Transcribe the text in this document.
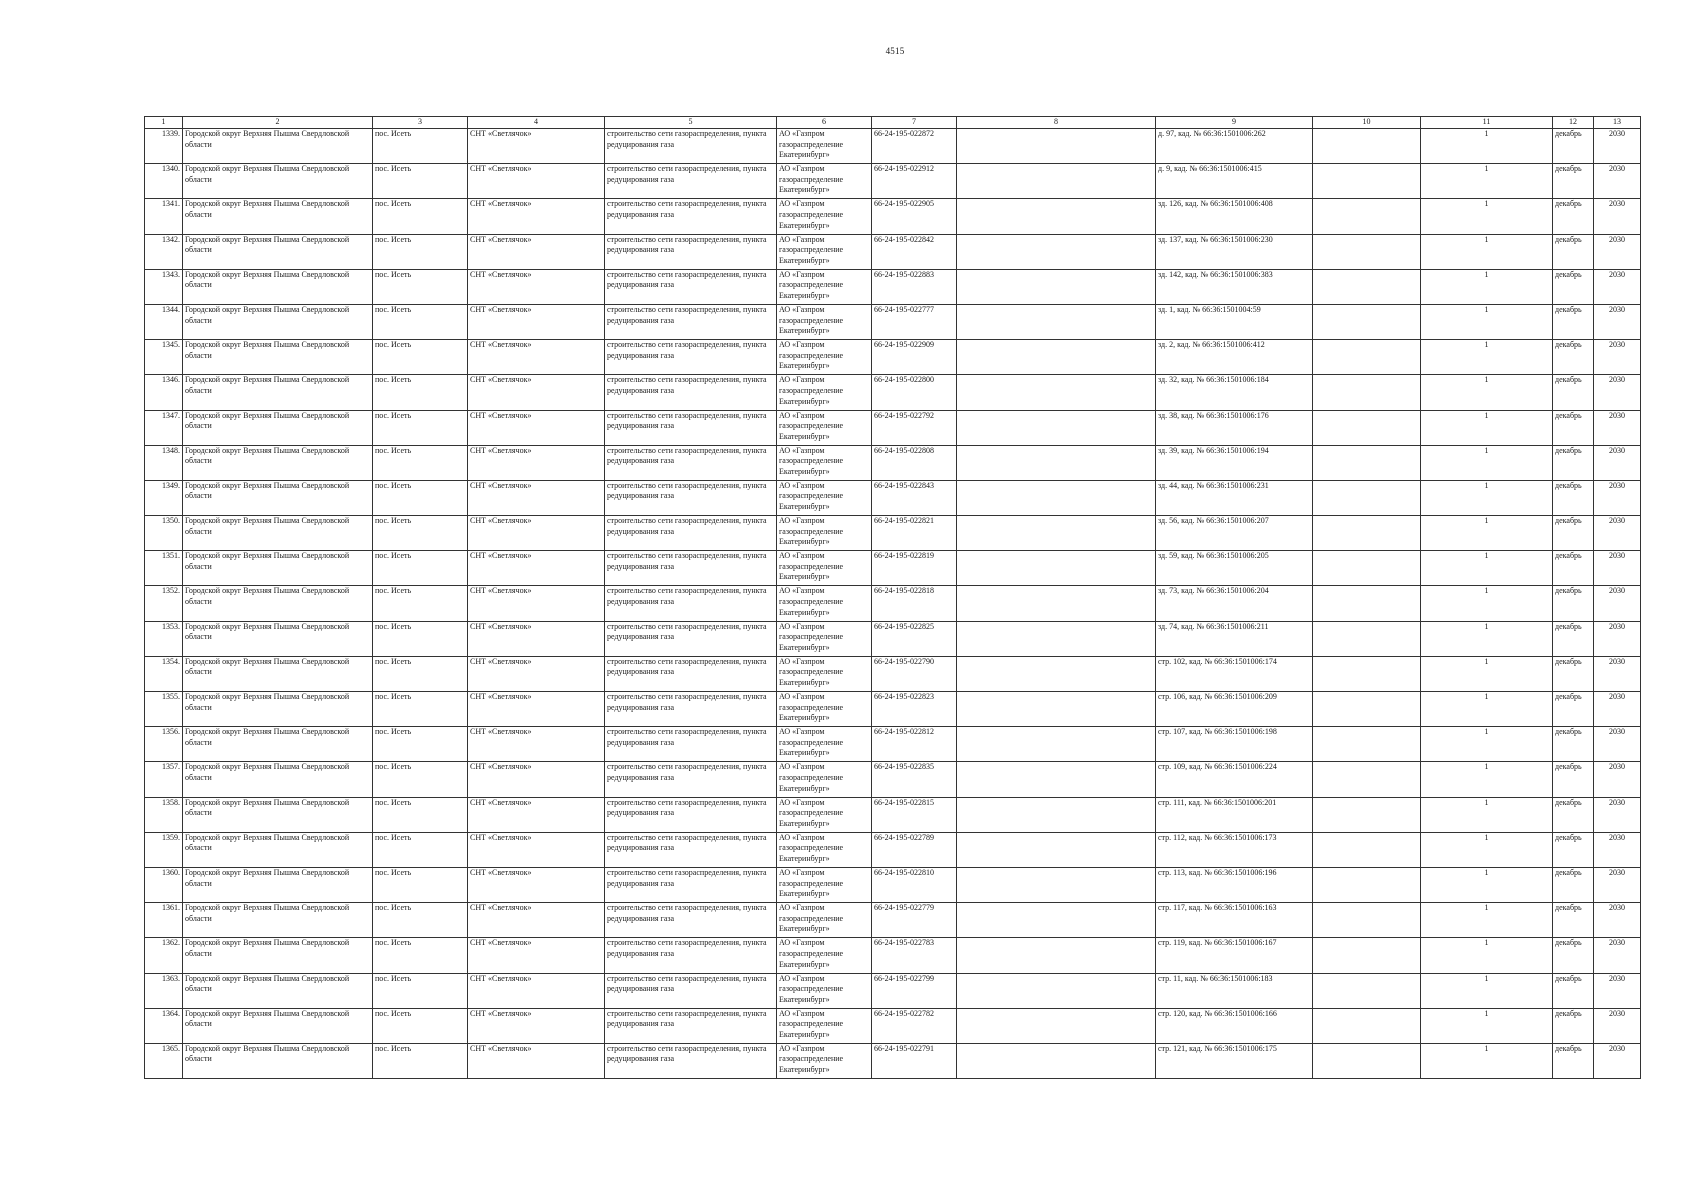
4515
1	2	3	4	5	6	7	8	9	10	11	12	13
1339.	Городской округ Верхняя Пышма Свердловской области	пос. Исеть	СНТ «Светлячок»	строительство сети газораспределения, пункта редуцирования газа	АО «Газпром газораспределение Екатеринбург»	66-24-195-022872		д. 97, кад. № 66:36:1501006:262		1	декабрь	2030
1340.	Городской округ Верхняя Пышма Свердловской области	пос. Исеть	СНТ «Светлячок»	строительство сети газораспределения, пункта редуцирования газа	АО «Газпром газораспределение Екатеринбург»	66-24-195-022912		д. 9, кад. № 66:36:1501006:415		1	декабрь	2030
1341.	Городской округ Верхняя Пышма Свердловской области	пос. Исеть	СНТ «Светлячок»	строительство сети газораспределения, пункта редуцирования газа	АО «Газпром газораспределение Екатеринбург»	66-24-195-022905		зд. 126, кад. № 66:36:1501006:408		1	декабрь	2030
1342.	Городской округ Верхняя Пышма Свердловской области	пос. Исеть	СНТ «Светлячок»	строительство сети газораспределения, пункта редуцирования газа	АО «Газпром газораспределение Екатеринбург»	66-24-195-022842		зд. 137, кад. № 66:36:1501006:230		1	декабрь	2030
1343.	Городской округ Верхняя Пышма Свердловской области	пос. Исеть	СНТ «Светлячок»	строительство сети газораспределения, пункта редуцирования газа	АО «Газпром газораспределение Екатеринбург»	66-24-195-022883		зд. 142, кад. № 66:36:1501006:383		1	декабрь	2030
1344.	Городской округ Верхняя Пышма Свердловской области	пос. Исеть	СНТ «Светлячок»	строительство сети газораспределения, пункта редуцирования газа	АО «Газпром газораспределение Екатеринбург»	66-24-195-022777		зд. 1, кад. № 66:36:1501004:59		1	декабрь	2030
1345.	Городской округ Верхняя Пышма Свердловской области	пос. Исеть	СНТ «Светлячок»	строительство сети газораспределения, пункта редуцирования газа	АО «Газпром газораспределение Екатеринбург»	66-24-195-022909		зд. 2, кад. № 66:36:1501006:412		1	декабрь	2030
1346.	Городской округ Верхняя Пышма Свердловской области	пос. Исеть	СНТ «Светлячок»	строительство сети газораспределения, пункта редуцирования газа	АО «Газпром газораспределение Екатеринбург»	66-24-195-022800		зд. 32, кад. № 66:36:1501006:184		1	декабрь	2030
1347.	Городской округ Верхняя Пышма Свердловской области	пос. Исеть	СНТ «Светлячок»	строительство сети газораспределения, пункта редуцирования газа	АО «Газпром газораспределение Екатеринбург»	66-24-195-022792		зд. 38, кад. № 66:36:1501006:176		1	декабрь	2030
1348.	Городской округ Верхняя Пышма Свердловской области	пос. Исеть	СНТ «Светлячок»	строительство сети газораспределения, пункта редуцирования газа	АО «Газпром газораспределение Екатеринбург»	66-24-195-022808		зд. 39, кад. № 66:36:1501006:194		1	декабрь	2030
1349.	Городской округ Верхняя Пышма Свердловской области	пос. Исеть	СНТ «Светлячок»	строительство сети газораспределения, пункта редуцирования газа	АО «Газпром газораспределение Екатеринбург»	66-24-195-022843		зд. 44, кад. № 66:36:1501006:231		1	декабрь	2030
1350.	Городской округ Верхняя Пышма Свердловской области	пос. Исеть	СНТ «Светлячок»	строительство сети газораспределения, пункта редуцирования газа	АО «Газпром газораспределение Екатеринбург»	66-24-195-022821		зд. 56, кад. № 66:36:1501006:207		1	декабрь	2030
1351.	Городской округ Верхняя Пышма Свердловской области	пос. Исеть	СНТ «Светлячок»	строительство сети газораспределения, пункта редуцирования газа	АО «Газпром газораспределение Екатеринбург»	66-24-195-022819		зд. 59, кад. № 66:36:1501006:205		1	декабрь	2030
1352.	Городской округ Верхняя Пышма Свердловской области	пос. Исеть	СНТ «Светлячок»	строительство сети газораспределения, пункта редуцирования газа	АО «Газпром газораспределение Екатеринбург»	66-24-195-022818		зд. 73, кад. № 66:36:1501006:204		1	декабрь	2030
1353.	Городской округ Верхняя Пышма Свердловской области	пос. Исеть	СНТ «Светлячок»	строительство сети газораспределения, пункта редуцирования газа	АО «Газпром газораспределение Екатеринбург»	66-24-195-022825		зд. 74, кад. № 66:36:1501006:211		1	декабрь	2030
1354.	Городской округ Верхняя Пышма Свердловской области	пос. Исеть	СНТ «Светлячок»	строительство сети газораспределения, пункта редуцирования газа	АО «Газпром газораспределение Екатеринбург»	66-24-195-022790		стр. 102, кад. № 66:36:1501006:174		1	декабрь	2030
1355.	Городской округ Верхняя Пышма Свердловской области	пос. Исеть	СНТ «Светлячок»	строительство сети газораспределения, пункта редуцирования газа	АО «Газпром газораспределение Екатеринбург»	66-24-195-022823		стр. 106, кад. № 66:36:1501006:209		1	декабрь	2030
1356.	Городской округ Верхняя Пышма Свердловской области	пос. Исеть	СНТ «Светлячок»	строительство сети газораспределения, пункта редуцирования газа	АО «Газпром газораспределение Екатеринбург»	66-24-195-022812		стр. 107, кад. № 66:36:1501006:198		1	декабрь	2030
1357.	Городской округ Верхняя Пышма Свердловской области	пос. Исеть	СНТ «Светлячок»	строительство сети газораспределения, пункта редуцирования газа	АО «Газпром газораспределение Екатеринбург»	66-24-195-022835		стр. 109, кад. № 66:36:1501006:224		1	декабрь	2030
1358.	Городской округ Верхняя Пышма Свердловской области	пос. Исеть	СНТ «Светлячок»	строительство сети газораспределения, пункта редуцирования газа	АО «Газпром газораспределение Екатеринбург»	66-24-195-022815		стр. 111, кад. № 66:36:1501006:201		1	декабрь	2030
1359.	Городской округ Верхняя Пышма Свердловской области	пос. Исеть	СНТ «Светлячок»	строительство сети газораспределения, пункта редуцирования газа	АО «Газпром газораспределение Екатеринбург»	66-24-195-022789		стр. 112, кад. № 66:36:1501006:173		1	декабрь	2030
1360.	Городской округ Верхняя Пышма Свердловской области	пос. Исеть	СНТ «Светлячок»	строительство сети газораспределения, пункта редуцирования газа	АО «Газпром газораспределение Екатеринбург»	66-24-195-022810		стр. 113, кад. № 66:36:1501006:196		1	декабрь	2030
1361.	Городской округ Верхняя Пышма Свердловской области	пос. Исеть	СНТ «Светлячок»	строительство сети газораспределения, пункта редуцирования газа	АО «Газпром газораспределение Екатеринбург»	66-24-195-022779		стр. 117, кад. № 66:36:1501006:163		1	декабрь	2030
1362.	Городской округ Верхняя Пышма Свердловской области	пос. Исеть	СНТ «Светлячок»	строительство сети газораспределения, пункта редуцирования газа	АО «Газпром газораспределение Екатеринбург»	66-24-195-022783		стр. 119, кад. № 66:36:1501006:167		1	декабрь	2030
1363.	Городской округ Верхняя Пышма Свердловской области	пос. Исеть	СНТ «Светлячок»	строительство сети газораспределения, пункта редуцирования газа	АО «Газпром газораспределение Екатеринбург»	66-24-195-022799		стр. 11, кад. № 66:36:1501006:183		1	декабрь	2030
1364.	Городской округ Верхняя Пышма Свердловской области	пос. Исеть	СНТ «Светлячок»	строительство сети газораспределения, пункта редуцирования газа	АО «Газпром газораспределение Екатеринбург»	66-24-195-022782		стр. 120, кад. № 66:36:1501006:166		1	декабрь	2030
1365.	Городской округ Верхняя Пышма Свердловской области	пос. Исеть	СНТ «Светлячок»	строительство сети газораспределения, пункта редуцирования газа	АО «Газпром газораспределение Екатеринбург»	66-24-195-022791		стр. 121, кад. № 66:36:1501006:175		1	декабрь	2030
